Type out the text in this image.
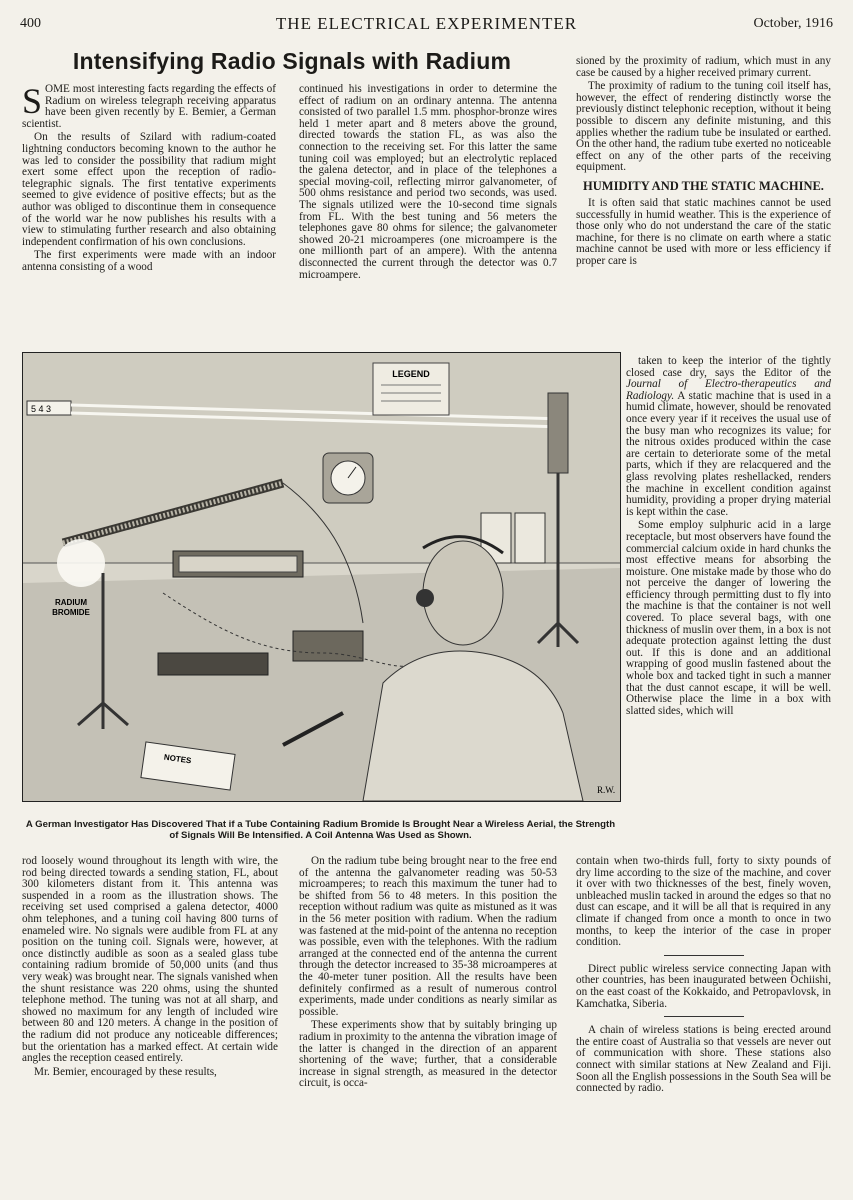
400	THE ELECTRICAL EXPERIMENTER	October, 1916
Intensifying Radio Signals with Radium

SOME most interesting facts regarding the effects of Radium on wireless telegraph receiving apparatus have been given recently by E. Bemier, a German scientist.

On the results of Szilard with radium-coated lightning conductors becoming known to the author he was led to consider the possibility that radium might exert some effect upon the reception of radio-telegraphic signals. The first tentative experiments seemed to give evidence of positive effects; but as the author was obliged to discontinue them in consequence of the world war he now publishes his results with a view to stimulating further research and also obtaining independent confirmation of his own conclusions.

The first experiments were made with an indoor antenna consisting of a wood

continued his investigations in order to determine the effect of radium on an ordinary antenna. The antenna consisted of two parallel 1.5 mm. phosphor-bronze wires held 1 meter apart and 8 meters above the ground, directed towards the station FL, as was also the connection to the receiving set. For this latter the same tuning coil was employed; but an electrolytic replaced the galena detector, and in place of the telephones a special moving-coil, reflecting mirror galvanometer, of 500 ohms resistance and period two seconds, was used. The signals utilized were the 10-second time signals from FL. With the best tuning and 56 meters the telephones gave 80 ohms for silence; the galvanometer showed 20-21 microamperes (one microampere is the one millionth part of an ampere). With the antenna disconnected the current through the detector was 0.7 microampere.

sioned by the proximity of radium, which must in any case be caused by a higher received primary current.

The proximity of radium to the tuning coil itself has, however, the effect of rendering distinctly worse the previously distinct telephonic reception, without it being possible to discern any definite mistuning, and this applies whether the radium tube be insulated or earthed. On the other hand, the radium tube exerted no noticeable effect on any of the other parts of the receiving equipment.

HUMIDITY AND THE STATIC MACHINE.

It is often said that static machines cannot be used successfully in humid weather. This is the experience of those only who do not understand the care of the static machine, for there is no climate on earth where a static machine cannot be used with more or less efficiency if proper care is

taken to keep the interior of the tightly closed case dry, says the Editor of the Journal of Electro-therapeutics and Radiology. A static machine that is used in a humid climate, however, should be renovated once every year if it receives the usual use of the busy man who recognizes its value; for the nitrous oxides produced within the case are certain to deteriorate some of the metal parts, which if they are relacquered and the glass revolving plates reshellacked, renders the machine in excellent condition against humidity, providing a proper drying material is kept within the case.

Some employ sulphuric acid in a large receptacle, but most observers have found the commercial calcium oxide in hard chunks the most effective means for absorbing the moisture. One mistake made by those who do not perceive the danger of lowering the efficiency through permitting dust to fly into the machine is that the container is not well covered. To place several bags, with one thickness of muslin over them, in a box is not adequate protection against letting the dust out. If this is done and an additional wrapping of good muslin fastened about the whole box and tacked tight in such a manner that the dust cannot escape, it will be well. Otherwise place the lime in a box with slatted sides, which will

contain when two-thirds full, forty to sixty pounds of dry lime according to the size of the machine, and cover it over with two thicknesses of the best, finely woven, unbleached muslin tacked in around the edges so that no dust can escape, and it will be all that is required in any climate if changed from once a month to once in two months, to keep the interior of the case in proper condition.

Direct public wireless service connecting Japan with other countries, has been inaugurated between Ochiishi, on the east coast of the Kokkaido, and Petropavlovsk, in Kamchatka, Siberia.

A chain of wireless stations is being erected around the entire coast of Australia so that vessels are never out of communication with shore. These stations also connect with similar stations at New Zealand and Fiji. Soon all the English possessions in the South Sea will be connected by radio.

5 4 3
LEGEND
RADIUM
BROMIDE
NOTES
R.W.
A German Investigator Has Discovered That if a Tube Containing Radium Bromide Is Brought Near a Wireless Aerial, the Strength of Signals Will Be Intensified. A Coil Antenna Was Used as Shown.

rod loosely wound throughout its length with wire, the rod being directed towards a sending station, FL, about 300 kilometers distant from it. This antenna was suspended in a room as the illustration shows. The receiving set used comprised a galena detector, 4000 ohm telephones, and a tuning coil having 800 turns of enameled wire. No signals were audible from FL at any position on the tuning coil. Signals were, however, at once distinctly audible as soon as a sealed glass tube containing radium bromide of 50,000 units (and thus very weak) was brought near. The signals vanished when the shunt resistance was 220 ohms, using the shunted telephone method. The tuning was not at all sharp, and showed no maximum for any length of included wire between 80 and 120 meters. A change in the position of the radium did not produce any noticeable differences; but the orientation has a marked effect. At certain wide angles the reception ceased entirely.

Mr. Bemier, encouraged by these results,

On the radium tube being brought near to the free end of the antenna the galvanometer reading was 50-53 microamperes; to reach this maximum the tuner had to be shifted from 56 to 48 meters. In this position the reception without radium was quite as mistuned as it was in the 56 meter position with radium. When the radium was fastened at the mid-point of the antenna no reception was possible, even with the telephones. With the radium arranged at the connected end of the antenna the current through the detector increased to 35-38 microamperes at the 40-meter tuner position. All the results have been definitely confirmed as a result of numerous control experiments, made under conditions as nearly similar as possible.

These experiments show that by suitably bringing up radium in proximity to the antenna the vibration image of the latter is changed in the direction of an apparent shortening of the wave; further, that a considerable increase in signal strength, as measured in the detector circuit, is occa-
